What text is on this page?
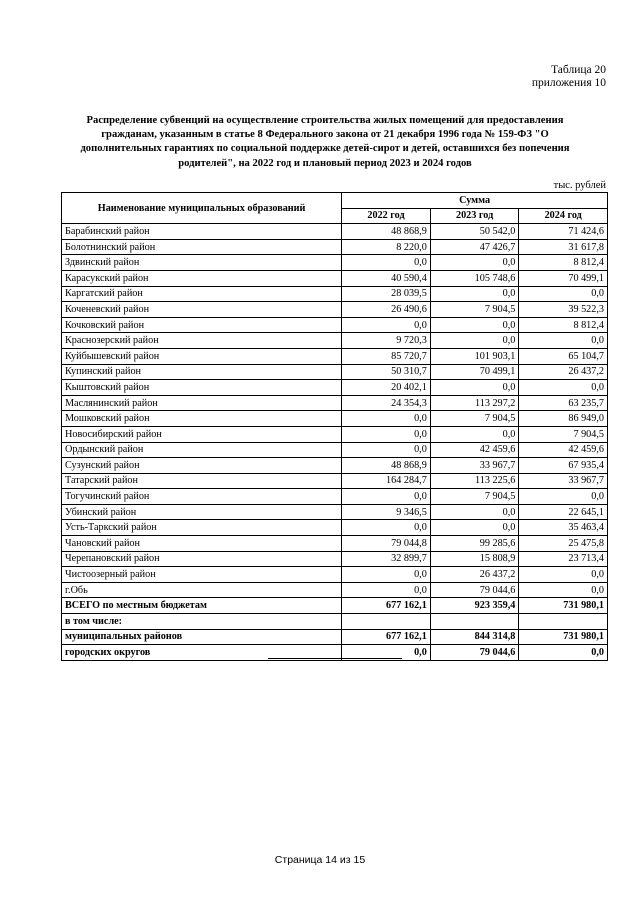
Таблица 20
приложения 10
Распределение субвенций на осуществление строительства жилых помещений для предоставления гражданам, указанным в статье 8 Федерального закона от 21 декабря 1996 года № 159-ФЗ "О дополнительных гарантиях по социальной поддержке детей-сирот и детей, оставшихся без попечения родителей", на 2022 год и плановый период 2023 и 2024 годов
тыс. рублей
Наименование муниципальных образований	Сумма		
	2022 год	2023 год	2024 год
Барабинский район	48 868,9	50 542,0	71 424,6
Болотнинский район	8 220,0	47 426,7	31 617,8
Здвинский район	0,0	0,0	8 812,4
Карасукский район	40 590,4	105 748,6	70 499,1
Каргатский район	28 039,5	0,0	0,0
Коченевский район	26 490,6	7 904,5	39 522,3
Кочковский район	0,0	0,0	8 812,4
Краснозерский район	9 720,3	0,0	0,0
Куйбышевский район	85 720,7	101 903,1	65 104,7
Купинский район	50 310,7	70 499,1	26 437,2
Кыштовский район	20 402,1	0,0	0,0
Маслянинский район	24 354,3	113 297,2	63 235,7
Мошковский район	0,0	7 904,5	86 949,0
Новосибирский район	0,0	0,0	7 904,5
Ордынский район	0,0	42 459,6	42 459,6
Сузунский район	48 868,9	33 967,7	67 935,4
Татарский район	164 284,7	113 225,6	33 967,7
Тогучинский район	0,0	7 904,5	0,0
Убинский район	9 346,5	0,0	22 645,1
Усть-Таркский район	0,0	0,0	35 463,4
Чановский район	79 044,8	99 285,6	25 475,8
Черепановский район	32 899,7	15 808,9	23 713,4
Чистоозерный район	0,0	26 437,2	0,0
г.Обь	0,0	79 044,6	0,0
ВСЕГО по местным бюджетам	677 162,1	923 359,4	731 980,1
в том числе:			
муниципальных районов	677 162,1	844 314,8	731 980,1
городских округов	0,0	79 044,6	0,0
Страница 14 из 15
